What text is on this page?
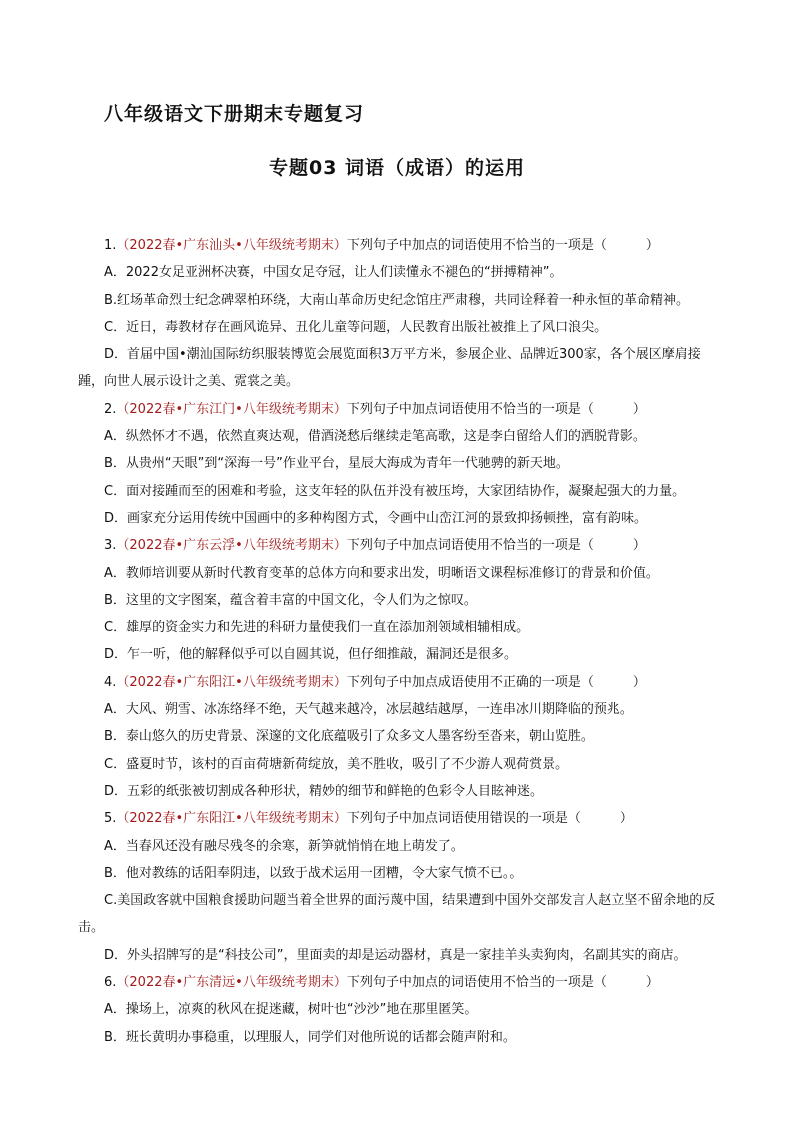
八年级语文下册期末专题复习
专题03 词语（成语）的运用
1.（2022春•广东汕头•八年级统考期末）下列句子中加点的词语使用不恰当的一项是（　　　）
A．2022女足亚洲杯决赛，中国女足夺冠，让人们读懂永不褪色的“拼搏精神”。
B.红场革命烈士纪念碑翠柏环绕，大南山革命历史纪念馆庄严肃穆，共同诠释着一种永恒的革命精神。
C．近日，毒教材存在画风诡异、丑化儿童等问题，人民教育出版社被推上了风口浪尖。
D．首届中国•潮汕国际纺织服装博览会展览面积3万平方米，参展企业、品牌近300家，各个展区摩肩接踵，向世人展示设计之美、霓裳之美。
2.（2022春•广东江门•八年级统考期末）下列句子中加点词语使用不恰当的一项是（　　　）
A．纵然怀才不遇，依然直爽达观，借酒浇愁后继续走笔高歌，这是李白留给人们的洒脱背影。
B．从贵州“天眼”到“深海一号”作业平台，星辰大海成为青年一代驰骋的新天地。
C．面对接踵而至的困难和考验，这支年轻的队伍并没有被压垮，大家团结协作，凝聚起强大的力量。
D．画家充分运用传统中国画中的多种构图方式，令画中山峦江河的景致抑扬顿挫，富有韵味。
3.（2022春•广东云浮•八年级统考期末）下列句子中加点词语使用不恰当的一项是（　　　）
A．教师培训要从新时代教育变革的总体方向和要求出发，明晰语文课程标准修订的背景和价值。
B．这里的文字图案，蕴含着丰富的中国文化，令人们为之惊叹。
C．雄厚的资金实力和先进的科研力量使我们一直在添加剂领域相辅相成。
D．乍一听，他的解释似乎可以自圆其说，但仔细推敲，漏洞还是很多。
4.（2022春•广东阳江•八年级统考期末）下列句子中加点成语使用不正确的一项是（　　　）
A．大风、朔雪、冰冻络绎不绝，天气越来越冷，冰层越结越厚，一连串冰川期降临的预兆。
B．泰山悠久的历史背景、深邃的文化底蕴吸引了众多文人墨客纷至沓来，朝山览胜。
C．盛夏时节，该村的百亩荷塘新荷绽放，美不胜收，吸引了不少游人观荷赏景。
D．五彩的纸张被切割成各种形状，精妙的细节和鲜艳的色彩令人目眩神迷。
5.（2022春•广东阳江•八年级统考期末）下列句子中加点词语使用错误的一项是（　　　）
A．当春风还没有融尽残冬的余寒，新笋就悄悄在地上萌发了。
B．他对教练的话阳奉阴违，以致于战术运用一团糟，令大家气愤不已。。
C.美国政客就中国粮食援助问题当着全世界的面污蔑中国，结果遭到中国外交部发言人赵立坚不留余地的反击。
D．外头招牌写的是“科技公司”，里面卖的却是运动器材，真是一家挂羊头卖狗肉，名副其实的商店。
6.（2022春•广东清远•八年级统考期末）下列句子中加点的词语使用不恰当的一项是（　　　）
A．操场上，凉爽的秋风在捉迷藏，树叶也“沙沙”地在那里匿笑。
B．班长黄明办事稳重，以理服人，同学们对他所说的话都会随声附和。
